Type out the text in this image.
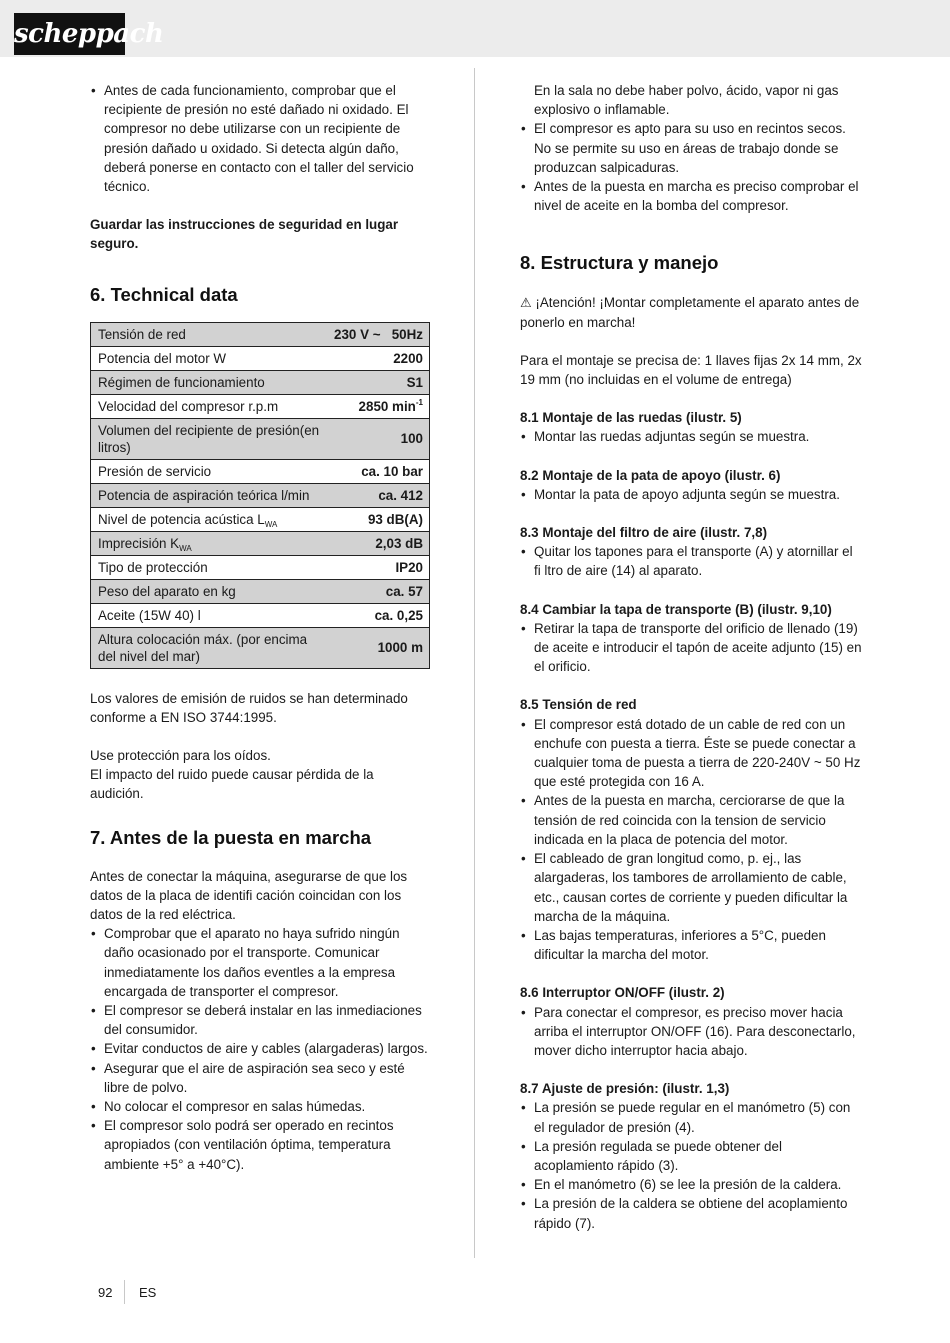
scheppach
• Antes de cada funcionamiento, comprobar que el recipiente de presión no esté dañado ni oxidado. El compresor no debe utilizarse con un recipiente de presión dañado u oxidado. Si detecta algún daño, deberá ponerse en contacto con el taller del servicio técnico.

Guardar las instrucciones de seguridad en lugar seguro.

6. Technical data
Tensión de red	230 V ~   50Hz
Potencia del motor W	2200
Régimen de funcionamiento	S1
Velocidad del compresor r.p.m	2850 $\min^{-1}$
Volumen del recipiente de presión(en litros)	100
Presión de servicio	ca. 10 bar
Potencia de aspiración teórica l/min	ca. 412
Nivel de potencia acústica $L_{WA}$	93 dB(A)
Imprecisión $K_{WA}$	2,03 dB
Tipo de protección	IP20
Peso del aparato en kg	ca. 57
Aceite (15W 40) l	ca. 0,25
Altura colocación máx. (por encima del nivel del mar)	1000 m

Los valores de emisión de ruidos se han determinado conforme a EN ISO 3744:1995.

Use protección para los oídos.

El impacto del ruido puede causar pérdida de la audición.

7. Antes de la puesta en marcha

Antes de conectar la máquina, asegurarse de que los datos de la placa de identifi cación coincidan con los datos de la red eléctrica.

• Comprobar que el aparato no haya sufrido ningún daño ocasionado por el transporte. Comunicar inmediatamente los daños eventles a la empresa encargada de transporter el compresor.
• El compresor se deberá instalar en las inmediaciones del consumidor.
• Evitar conductos de aire y cables (alargaderas) largos.
• Asegurar que el aire de aspiración sea seco y esté libre de polvo.
• No colocar el compresor en salas húmedas.
• El compresor solo podrá ser operado en recintos apropiados (con ventilación óptima, temperatura ambiente +5° a +40°C).

En la sala no debe haber polvo, ácido, vapor ni gas explosivo o inflamable.

• El compresor es apto para su uso en recintos secos. No se permite su uso en áreas de trabajo donde se produzcan salpicaduras.
• Antes de la puesta en marcha es preciso comprobar el nivel de aceite en la bomba del compresor.
8. Estructura y manejo

⚠ ¡Atención! ¡Montar completamente el aparato antes de ponerlo en marcha!

Para el montaje se precisa de: 1 llaves fijas 2x 14 mm, 2x 19 mm (no incluidas en el volume de entrega)

8.1 Montaje de las ruedas (ilustr. 5)
• Montar las ruedas adjuntas según se muestra.
8.2 Montaje de la pata de apoyo (ilustr. 6)
• Montar la pata de apoyo adjunta según se muestra.
8.3 Montaje del filtro de aire (ilustr. 7,8)
• Quitar los tapones para el transporte (A) y atornillar el fi ltro de aire (14) al aparato.
8.4 Cambiar la tapa de transporte (B) (ilustr. 9,10)
• Retirar la tapa de transporte del orificio de llenado (19) de aceite e introducir el tapón de aceite adjunto (15) en el orificio.
8.5 Tensión de red
• El compresor está dotado de un cable de red con un enchufe con puesta a tierra. Éste se puede conectar a cualquier toma de puesta a tierra de 220-240V ~ 50 Hz que esté protegida con 16 A.
• Antes de la puesta en marcha, cerciorarse de que la tensión de red coincida con la tension de servicio indicada en la placa de potencia del motor.
• El cableado de gran longitud como, p. ej., las alargaderas, los tambores de arrollamiento de cable, etc., causan cortes de corriente y pueden dificultar la marcha de la máquina.
• Las bajas temperaturas, inferiores a 5°C, pueden dificultar la marcha del motor.
8.6 Interruptor ON/OFF (ilustr. 2)
• Para conectar el compresor, es preciso mover hacia arriba el interruptor ON/OFF (16). Para desconectarlo, mover dicho interruptor hacia abajo.
8.7 Ajuste de presión: (ilustr. 1,3)
• La presión se puede regular en el manómetro (5) con el regulador de presión (4).
• La presión regulada se puede obtener del acoplamiento rápido (3).
• En el manómetro (6) se lee la presión de la caldera.
• La presión de la caldera se obtiene del acoplamiento rápido (7).
92 ES
